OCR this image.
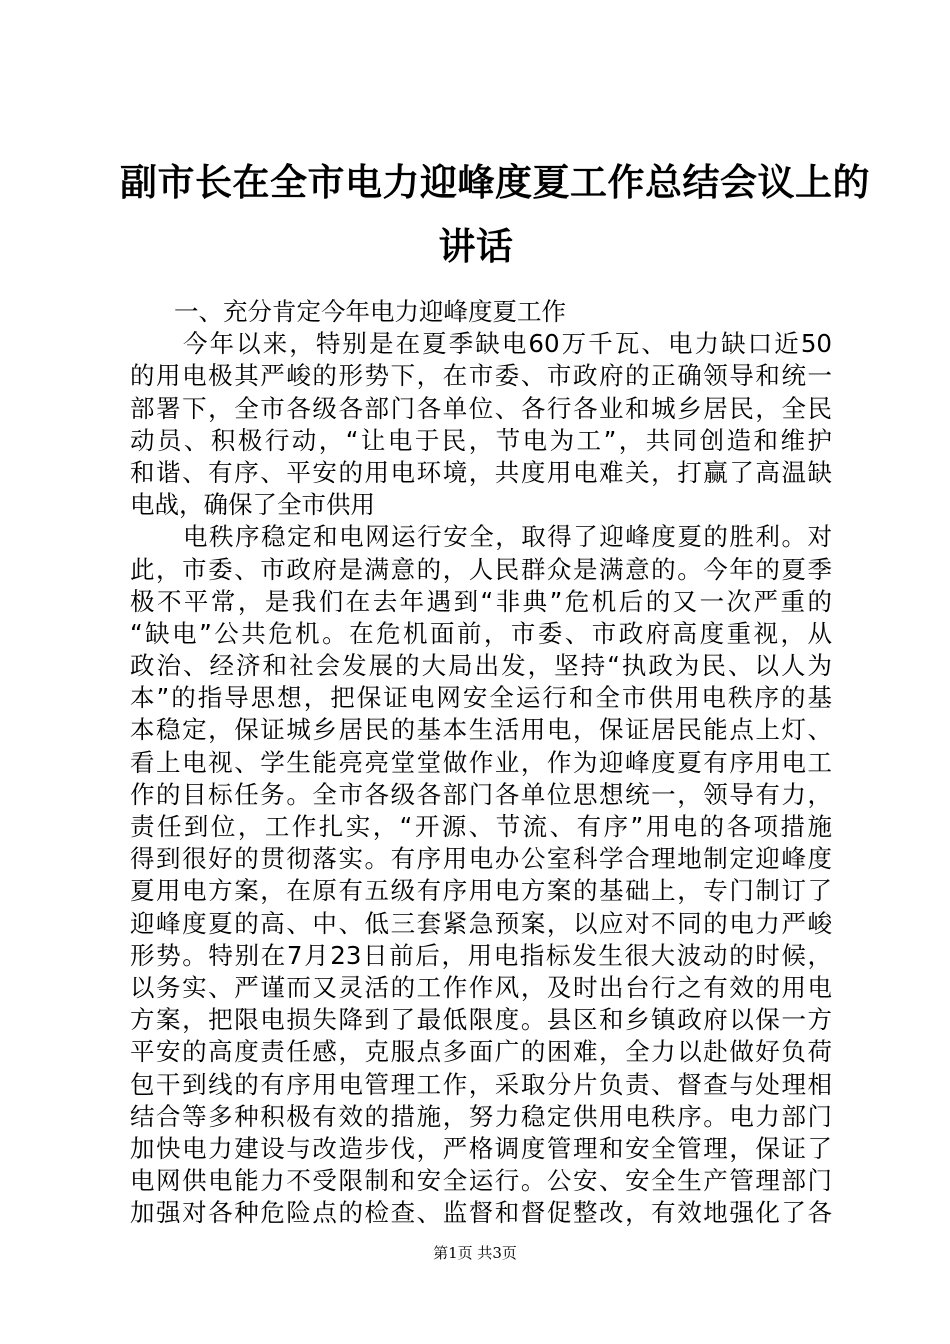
副市长在全市电力迎峰度夏工作总结会议上的
讲话
一、充分肯定今年电力迎峰度夏工作
今年以来，特别是在夏季缺电60万千瓦、电力缺口近50
的用电极其严峻的形势下，在市委、市政府的正确领导和统一
部署下，全市各级各部门各单位、各行各业和城乡居民，全民
动员、积极行动，“让电于民，节电为工”，共同创造和维护
和谐、有序、平安的用电环境，共度用电难关，打赢了高温缺
电战，确保了全市供用
电秩序稳定和电网运行安全，取得了迎峰度夏的胜利。对
此，市委、市政府是满意的，人民群众是满意的。今年的夏季
极不平常，是我们在去年遇到“非典”危机后的又一次严重的
“缺电”公共危机。在危机面前，市委、市政府高度重视，从
政治、经济和社会发展的大局出发，坚持“执政为民、以人为
本”的指导思想，把保证电网安全运行和全市供用电秩序的基
本稳定，保证城乡居民的基本生活用电，保证居民能点上灯、
看上电视、学生能亮亮堂堂做作业，作为迎峰度夏有序用电工
作的目标任务。全市各级各部门各单位思想统一，领导有力，
责任到位，工作扎实，“开源、节流、有序”用电的各项措施
得到很好的贯彻落实。有序用电办公室科学合理地制定迎峰度
夏用电方案，在原有五级有序用电方案的基础上，专门制订了
迎峰度夏的高、中、低三套紧急预案，以应对不同的电力严峻
形势。特别在7月23日前后，用电指标发生很大波动的时候，
以务实、严谨而又灵活的工作作风，及时出台行之有效的用电
方案，把限电损失降到了最低限度。县区和乡镇政府以保一方
平安的高度责任感，克服点多面广的困难，全力以赴做好负荷
包干到线的有序用电管理工作，采取分片负责、督查与处理相
结合等多种积极有效的措施，努力稳定供用电秩序。电力部门
加快电力建设与改造步伐，严格调度管理和安全管理，保证了
电网供电能力不受限制和安全运行。公安、安全生产管理部门
加强对各种危险点的检查、监督和督促整改，有效地强化了各
第1页 共3页
